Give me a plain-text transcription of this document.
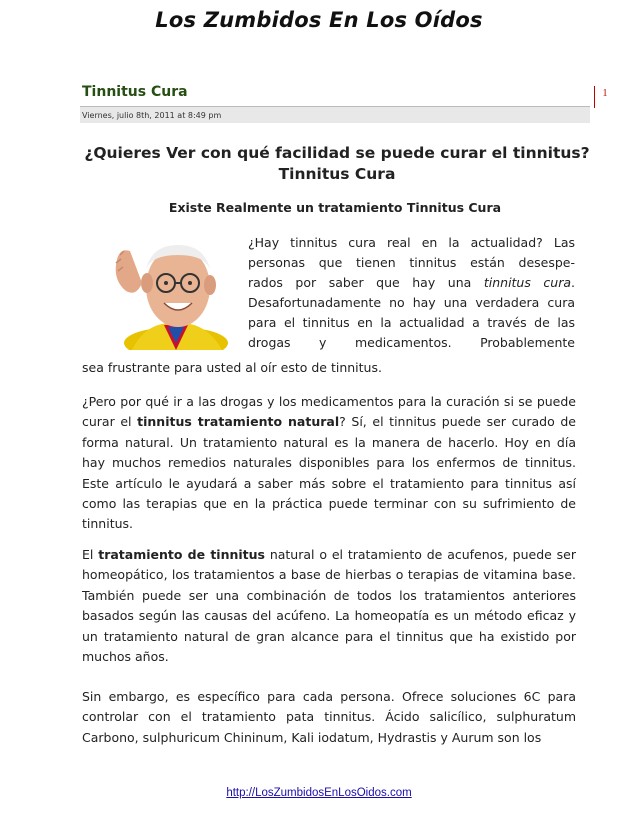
Los Zumbidos En Los Oídos
Tinnitus Cura	1
Viernes, julio 8th, 2011 at 8:49 pm
¿Quieres Ver con qué facilidad se puede curar el tinnitus?
Tinnitus Cura
Existe Realmente un tratamiento Tinnitus Cura
¿Hay tinnitus cura real en la actualidad? Las
personas que tienen tinnitus están desespe-
rados por saber que hay una tinnitus cura.
Desafortunadamente no hay una verdadera cura
para el tinnitus en la actualidad a través de las
drogas y medicamentos. Probablemente
sea frustrante para usted al oír esto de tinnitus.
¿Pero por qué ir a las drogas y los medicamentos para la curación si se puede curar el tinnitus tratamiento natural? Sí, el tinnitus puede ser curado de forma natural. Un tratamiento natural es la manera de hacerlo. Hoy en día hay muchos remedios naturales disponibles para los enfermos de tinnitus. Este artículo le ayudará a saber más sobre el tratamiento para tinnitus así como las terapias que en la práctica puede terminar con su sufrimiento de tinnitus.
El tratamiento de tinnitus natural o el tratamiento de acufenos, puede ser homeopático, los tratamientos a base de hierbas o terapias de vitamina base. También puede ser una combinación de todos los tratamientos anteriores basados según las causas del acúfeno. La homeopatía es un método eficaz y un tratamiento natural de gran alcance para el tinnitus que ha existido por muchos años.
Sin embargo, es específico para cada persona. Ofrece soluciones 6C para controlar con el tratamiento pata tinnitus. Ácido salicílico, sulphuratum Carbono, sulphuricum Chininum, Kali iodatum, Hydrastis y Aurum son los
http://LosZumbidosEnLosOidos.com
